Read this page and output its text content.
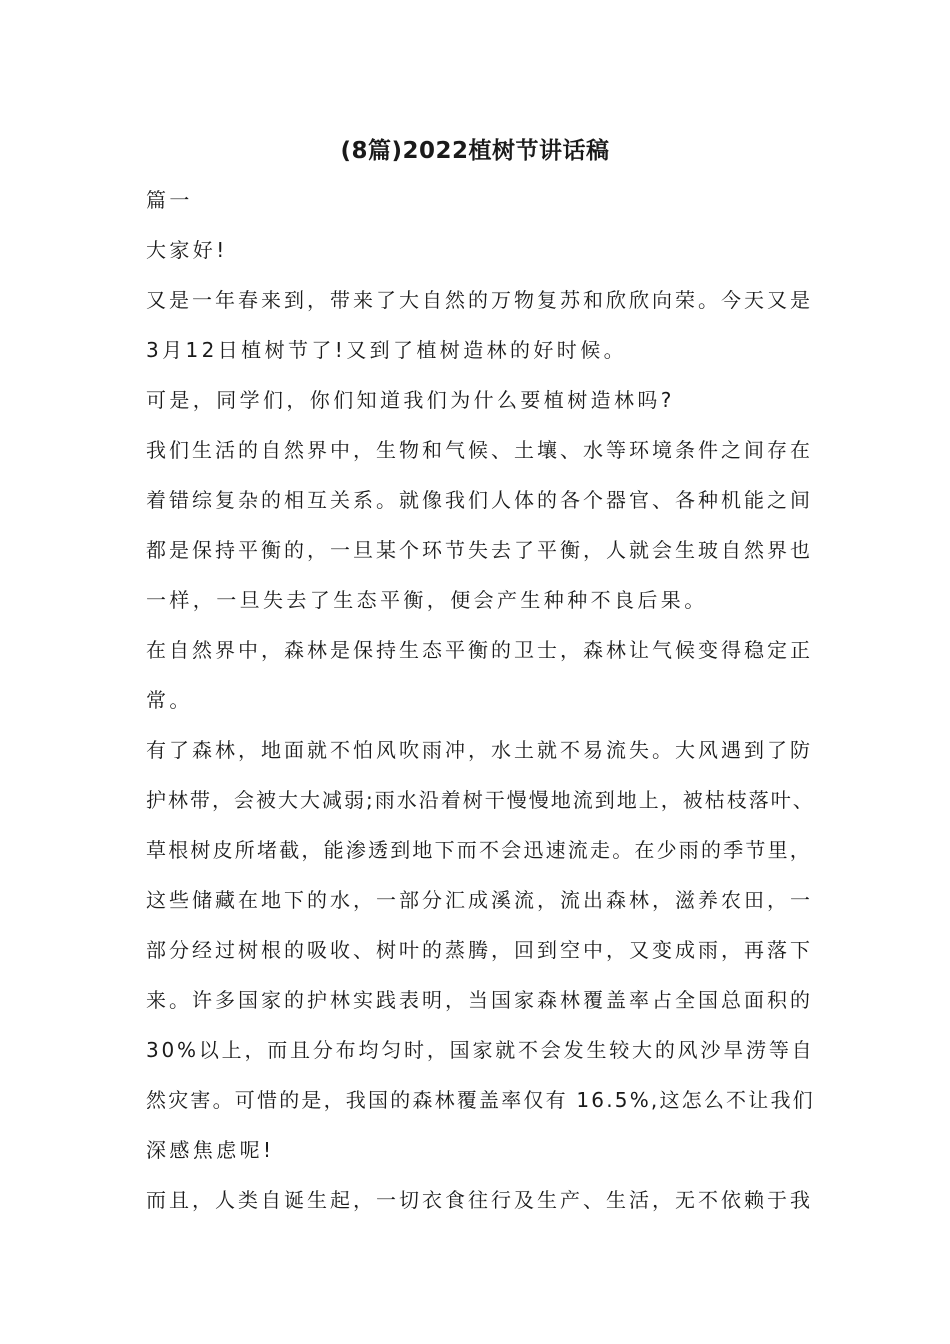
(8篇)2022植树节讲话稿
篇一
大家好!
又是一年春来到，带来了大自然的万物复苏和欣欣向荣。今天又是
3月12日植树节了!又到了植树造林的好时候。
可是，同学们，你们知道我们为什么要植树造林吗?
我们生活的自然界中，生物和气候、土壤、水等环境条件之间存在
着错综复杂的相互关系。就像我们人体的各个器官、各种机能之间
都是保持平衡的，一旦某个环节失去了平衡，人就会生玻自然界也
一样，一旦失去了生态平衡，便会产生种种不良后果。
在自然界中，森林是保持生态平衡的卫士，森林让气候变得稳定正
常。
有了森林，地面就不怕风吹雨冲，水土就不易流失。大风遇到了防
护林带，会被大大减弱;雨水沿着树干慢慢地流到地上，被枯枝落叶、
草根树皮所堵截，能渗透到地下而不会迅速流走。在少雨的季节里，
这些储藏在地下的水，一部分汇成溪流，流出森林，滋养农田，一
部分经过树根的吸收、树叶的蒸腾，回到空中，又变成雨，再落下
来。许多国家的护林实践表明，当国家森林覆盖率占全国总面积的
30%以上，而且分布均匀时，国家就不会发生较大的风沙旱涝等自
然灾害。可惜的是，我国的森林覆盖率仅有 16.5%,这怎么不让我们
深感焦虑呢!
而且，人类自诞生起，一切衣食往行及生产、生活，无不依赖于我
